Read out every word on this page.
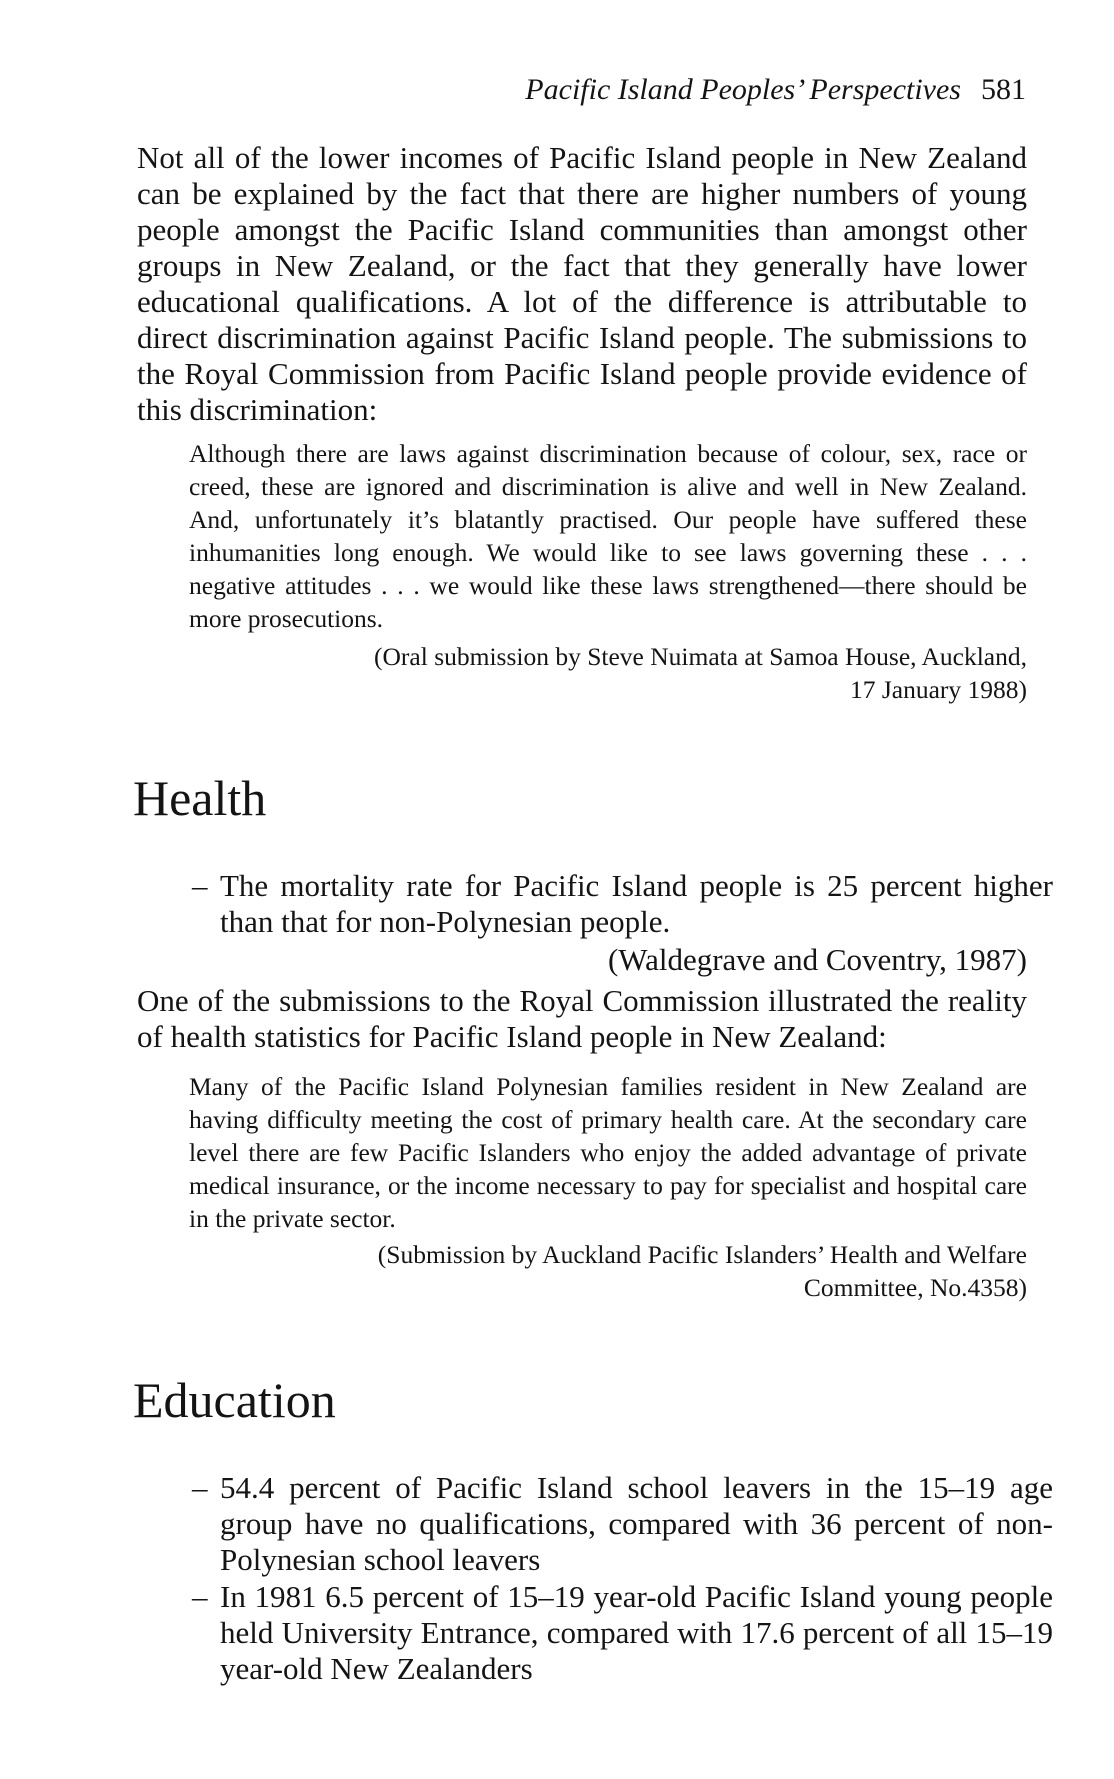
Pacific Island Peoples’ Perspectives 581

Not all of the lower incomes of Pacific Island people in New Zealand can be explained by the fact that there are higher numbers of young people amongst the Pacific Island communities than amongst other groups in New Zealand, or the fact that they generally have lower educational qualifications. A lot of the difference is attributable to direct discrimination against Pacific Island people. The submissions to the Royal Commission from Pacific Island people provide evidence of this discrimination:

Although there are laws against discrimination because of colour, sex, race or creed, these are ignored and discrimination is alive and well in New Zealand. And, unfortunately it’s blatantly practised. Our people have suffered these inhumanities long enough. We would like to see laws governing these . . . negative attitudes . . . we would like these laws strengthened—there should be more prosecutions.

(Oral submission by Steve Nuimata at Samoa House, Auckland,
17 January 1988)
Health

– The mortality rate for Pacific Island people is 25 percent higher than that for non-Polynesian people.

(Waldegrave and Coventry, 1987)

One of the submissions to the Royal Commission illustrated the reality of health statistics for Pacific Island people in New Zealand:

Many of the Pacific Island Polynesian families resident in New Zealand are having difficulty meeting the cost of primary health care. At the secondary care level there are few Pacific Islanders who enjoy the added advantage of private medical insurance, or the income necessary to pay for specialist and hospital care in the private sector.

(Submission by Auckland Pacific Islanders’ Health and Welfare
Committee, No.4358)
Education

– 54.4 percent of Pacific Island school leavers in the 15–19 age group have no qualifications, compared with 36 percent of non-Polynesian school leavers

– In 1981 6.5 percent of 15–19 year-old Pacific Island young people held University Entrance, compared with 17.6 percent of all 15–19 year-old New Zealanders
